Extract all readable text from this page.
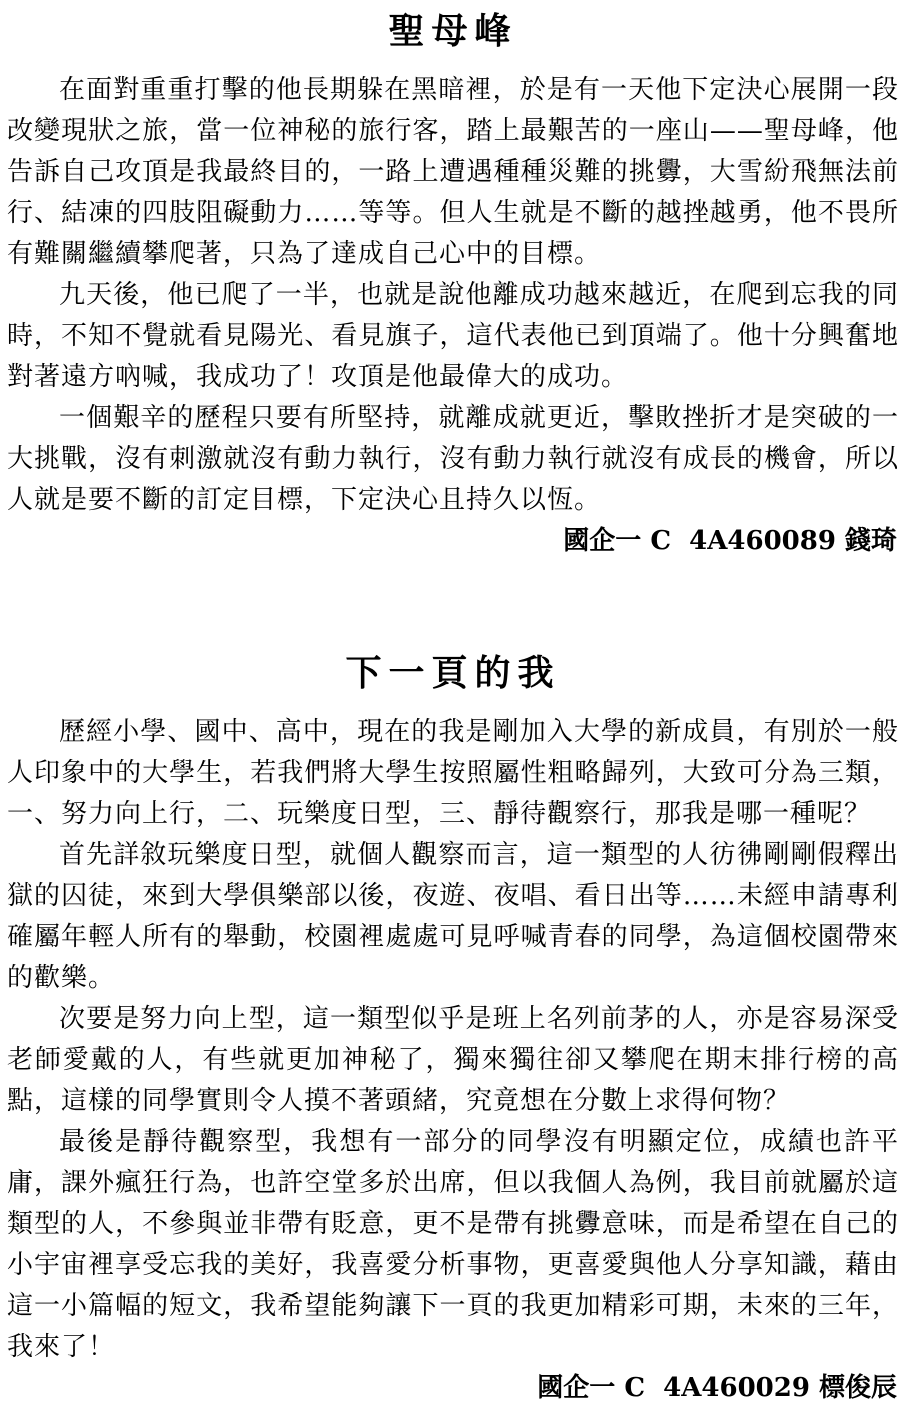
聖母峰

在面對重重打擊的他長期躲在黑暗裡，於是有一天他下定決心展開一段改變現狀之旅，當一位神秘的旅行客，踏上最艱苦的一座山——聖母峰，他告訴自己攻頂是我最終目的，一路上遭遇種種災難的挑釁，大雪紛飛無法前行、結凍的四肢阻礙動力……等等。但人生就是不斷的越挫越勇，他不畏所有難關繼續攀爬著，只為了達成自己心中的目標。

九天後，他已爬了一半，也就是說他離成功越來越近，在爬到忘我的同時，不知不覺就看見陽光、看見旗子，這代表他已到頂端了。他十分興奮地對著遠方吶喊，我成功了！攻頂是他最偉大的成功。

一個艱辛的歷程只要有所堅持，就離成就更近，擊敗挫折才是突破的一大挑戰，沒有刺激就沒有動力執行，沒有動力執行就沒有成長的機會，所以人就是要不斷的訂定目標，下定決心且持久以恆。

國企一 C  4A460089 錢琦
下一頁的我

歷經小學、國中、高中，現在的我是剛加入大學的新成員，有別於一般人印象中的大學生，若我們將大學生按照屬性粗略歸列，大致可分為三類，一、努力向上行，二、玩樂度日型，三、靜待觀察行，那我是哪一種呢？

首先詳敘玩樂度日型，就個人觀察而言，這一類型的人彷彿剛剛假釋出獄的囚徒，來到大學俱樂部以後，夜遊、夜唱、看日出等……未經申請專利確屬年輕人所有的舉動，校園裡處處可見呼喊青春的同學，為這個校園帶來的歡樂。

次要是努力向上型，這一類型似乎是班上名列前茅的人，亦是容易深受老師愛戴的人，有些就更加神秘了，獨來獨往卻又攀爬在期末排行榜的高點，這樣的同學實則令人摸不著頭緒，究竟想在分數上求得何物？

最後是靜待觀察型，我想有一部分的同學沒有明顯定位，成績也許平庸，課外瘋狂行為，也許空堂多於出席，但以我個人為例，我目前就屬於這類型的人，不參與並非帶有貶意，更不是帶有挑釁意味，而是希望在自己的小宇宙裡享受忘我的美好，我喜愛分析事物，更喜愛與他人分享知識，藉由這一小篇幅的短文，我希望能夠讓下一頁的我更加精彩可期，未來的三年，我來了！

國企一 C  4A460029 標俊辰
